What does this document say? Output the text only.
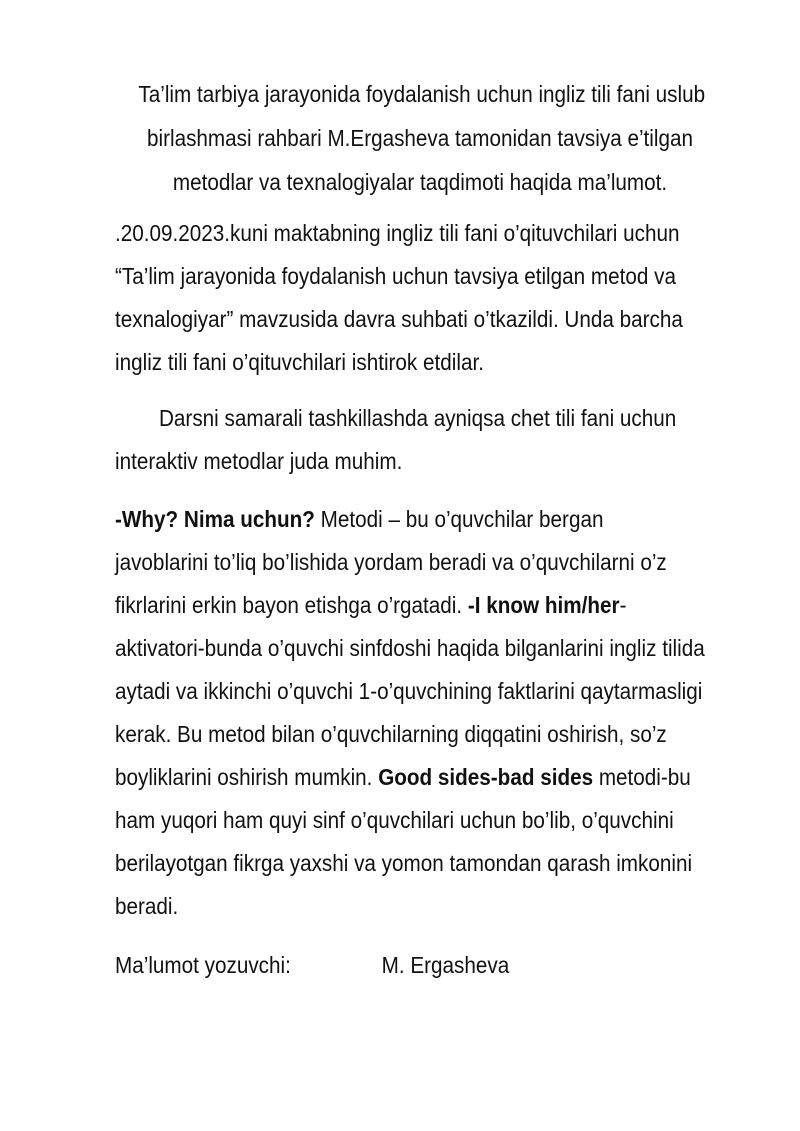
Ta’lim tarbiya jarayonida foydalanish uchun ingliz tili fani uslub
birlashmasi rahbari M.Ergasheva tamonidan tavsiya e’tilgan
metodlar va texnalogiyalar taqdimoti haqida ma’lumot.
.20.09.2023.kuni maktabning ingliz tili fani o’qituvchilari uchun
“Ta’lim jarayonida foydalanish uchun tavsiya etilgan metod va
texnalogiyar” mavzusida davra suhbati o’tkazildi. Unda barcha
ingliz tili fani o’qituvchilari ishtirok etdilar.
Darsni samarali tashkillashda ayniqsa chet tili fani uchun
interaktiv metodlar juda muhim.
-Why? Nima uchun? Metodi – bu o’quvchilar bergan
javoblarini to’liq bo’lishida yordam beradi va o’quvchilarni o’z
fikrlarini erkin bayon etishga o’rgatadi. -I know him/her-
aktivatori-bunda o’quvchi sinfdoshi haqida bilganlarini ingliz tilida
aytadi va ikkinchi o’quvchi 1-o’quvchining faktlarini qaytarmasligi
kerak. Bu metod bilan o’quvchilarning diqqatini oshirish, so’z
boyliklarini oshirish mumkin. Good sides-bad sides metodi-bu
ham yuqori ham quyi sinf o’quvchilari uchun bo’lib, o’quvchini
berilayotgan fikrga yaxshi va yomon tamondan qarash imkonini
beradi.
Ma’lumot yozuvchi:	M. Ergasheva
